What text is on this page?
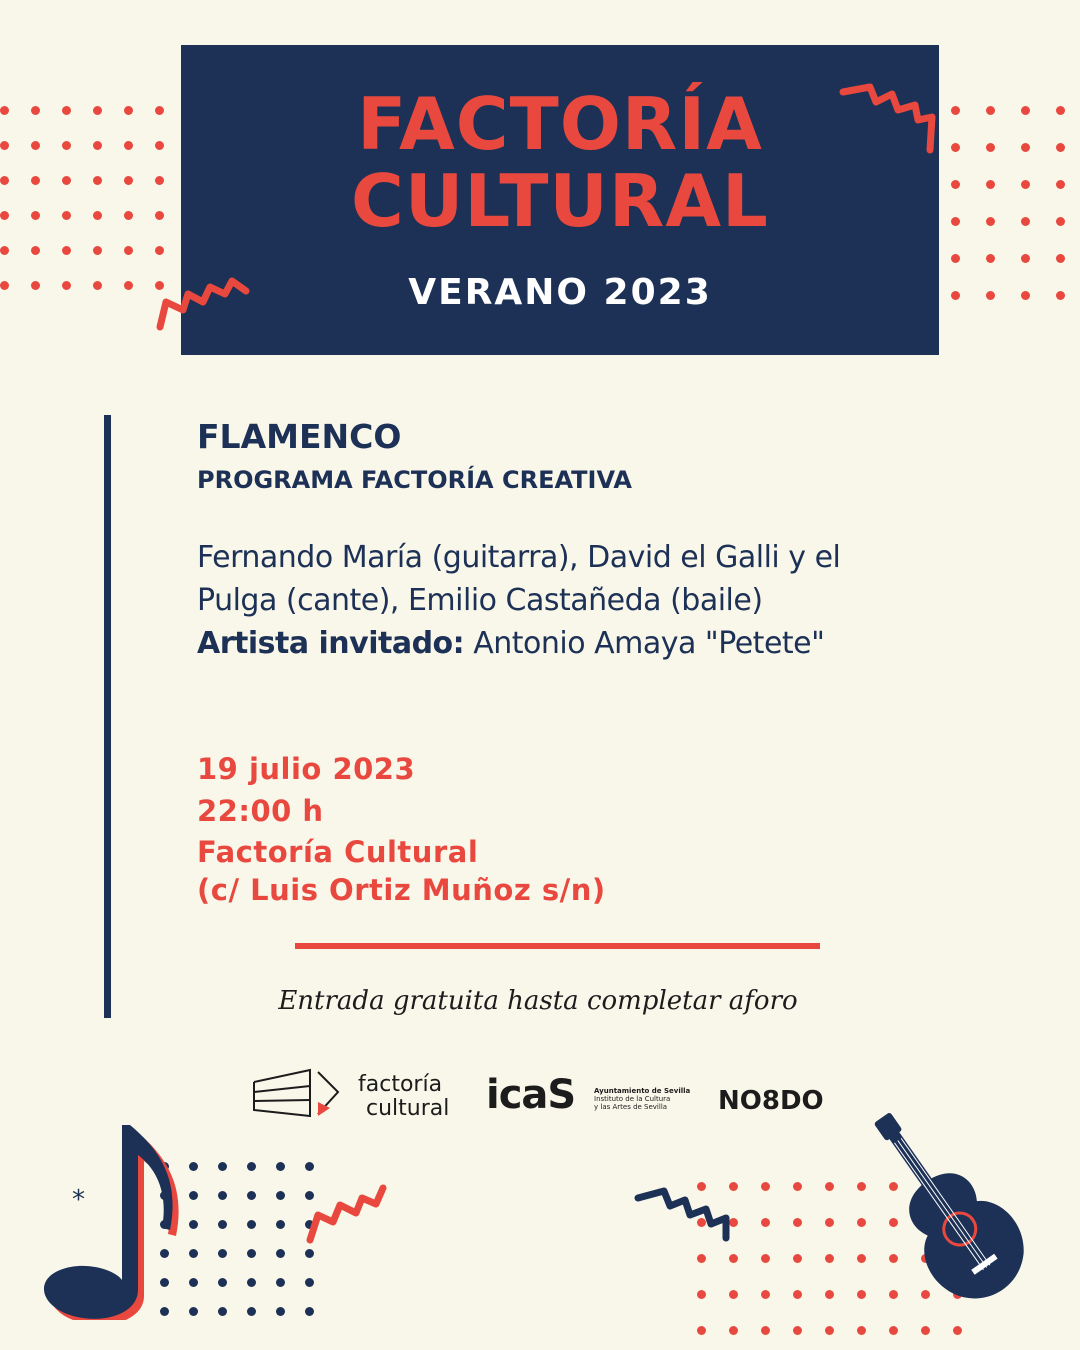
FACTORÍA
CULTURAL
VERANO 2023
FLAMENCO
PROGRAMA FACTORÍA CREATIVA
Fernando María (guitarra), David el Galli y el
Pulga (cante), Emilio Castañeda (baile)
Artista invitado: Antonio Amaya "Petete"
19 julio 2023
22:00 h
Factoría Cultural
(c/ Luis Ortiz Muñoz s/n)
Entrada gratuita hasta completar aforo
factoría
cultural icaS	Ayuntamiento de Sevilla
Instituto de la Cultura
y las Artes de Sevilla	NO8DO
*
